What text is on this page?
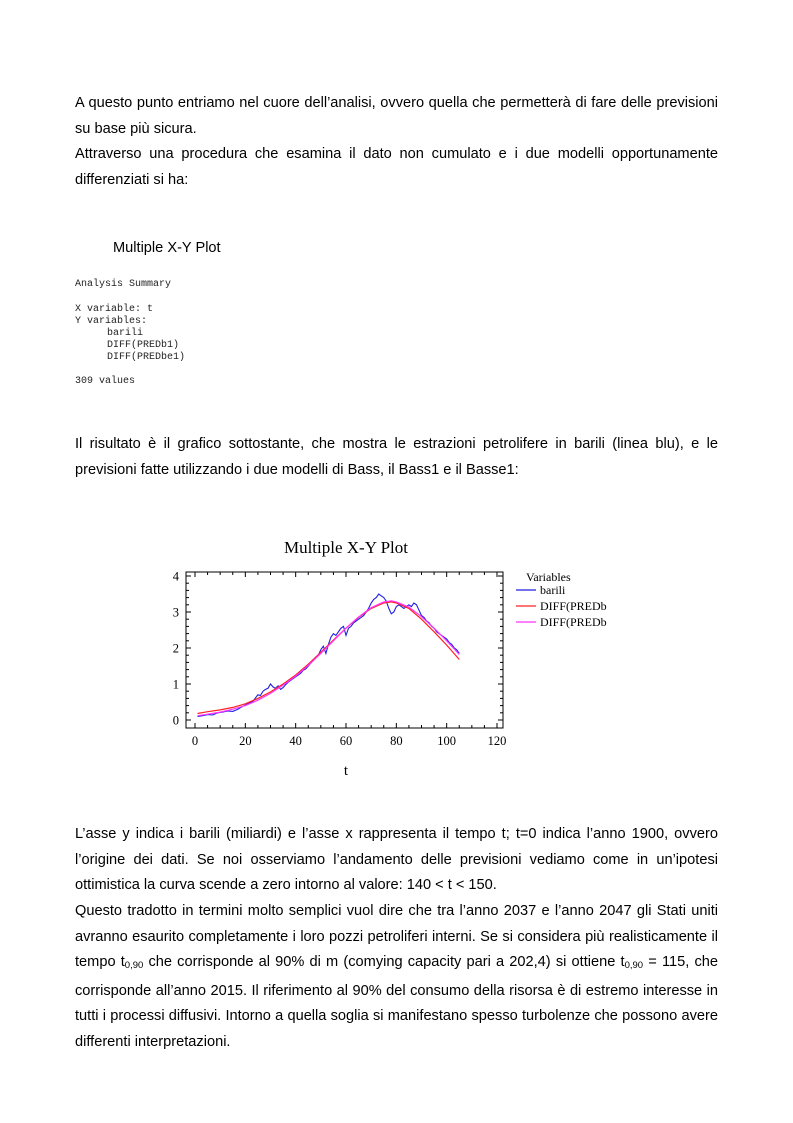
A questo punto entriamo nel cuore dell’analisi, ovvero quella che permetterà di fare delle previsioni su base più sicura.

Attraverso una procedura che esamina il dato non cumulato e i due modelli opportunamente differenziati si ha:

Multiple X-Y Plot

Analysis Summary

X variable: t

Y variables:

barili

DIFF(PREDb1)

DIFF(PREDbe1)

309 values

Il risultato è il grafico sottostante, che mostra le estrazioni petrolifere in barili (linea blu), e le previsioni fatte utilizzando i due modelli di Bass, il Bass1 e il Basse1:

Multiple X-Y Plot
0	20	40	60	80	100	120
0
1
2
3
4
t
Variables
barili
DIFF(PREDb
DIFF(PREDb

L’asse y indica i barili (miliardi) e l’asse x rappresenta il tempo t; t=0 indica l’anno 1900, ovvero l’origine dei dati. Se noi osserviamo l’andamento delle previsioni vediamo come in un’ipotesi ottimistica la curva scende a zero intorno al valore: 140 < t < 150.

Questo tradotto in termini molto semplici vuol dire che tra l’anno 2037 e l’anno 2047 gli Stati uniti avranno esaurito completamente i loro pozzi petroliferi interni. Se si considera più realisticamente il tempo $t_{0,90}$ che corrisponde al 90% di m (comying capacity pari a 202,4) si ottiene $t_{0,90} = 115$, che corrisponde all’anno 2015. Il riferimento al 90% del consumo della risorsa è di estremo interesse in tutti i processi diffusivi. Intorno a quella soglia si manifestano spesso turbolenze che possono avere differenti interpretazioni.
